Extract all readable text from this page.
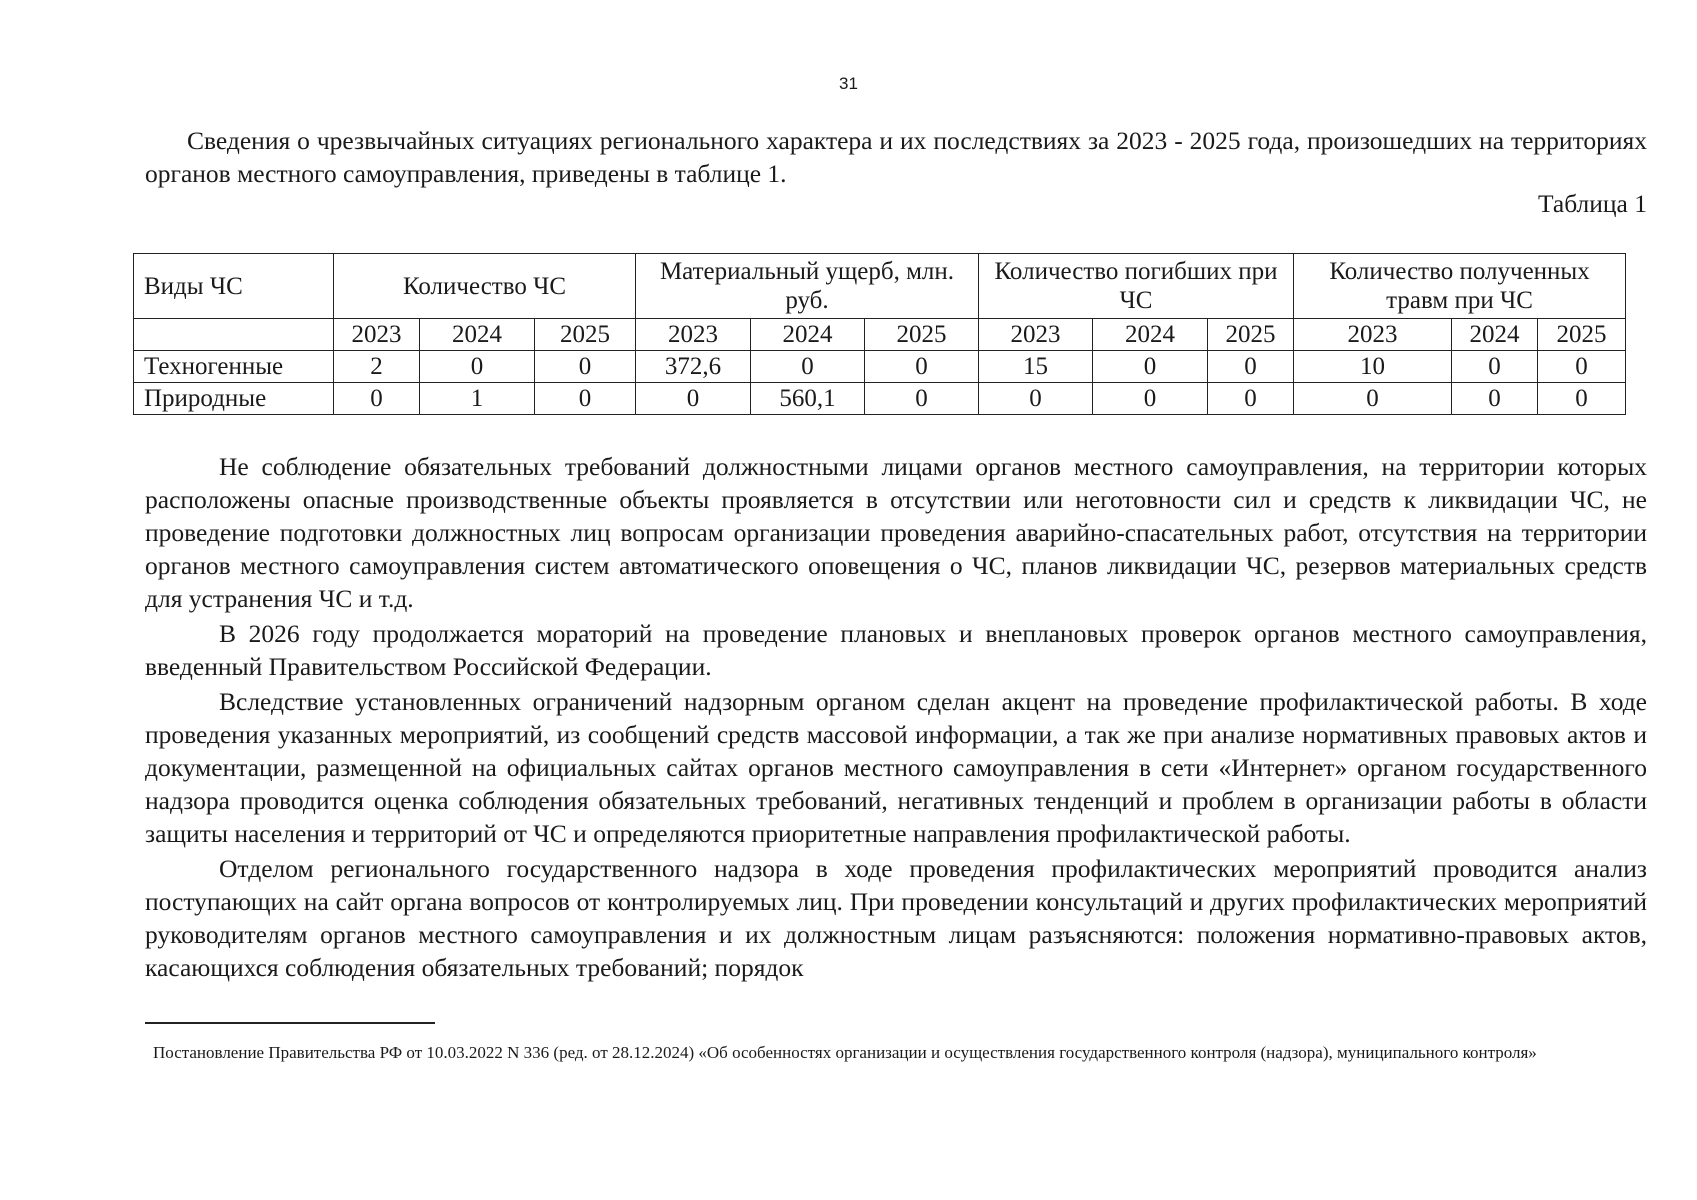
31
Сведения о чрезвычайных ситуациях регионального характера и их последствиях за 2023 - 2025 года, произошедших на территориях органов местного самоуправления, приведены в таблице 1.
Таблица 1
Виды ЧС	Количество ЧС			Материальный ущерб, млн. руб.			Количество погибших при ЧС			Количество полученных травм при ЧС		
	2023	2024	2025	2023	2024	2025	2023	2024	2025	2023	2024	2025
Техногенные	2	0	0	372,6	0	0	15	0	0	10	0	0
Природные	0	1	0	0	560,1	0	0	0	0	0	0	0

Не соблюдение обязательных требований должностными лицами органов местного самоуправления, на территории которых расположены опасные производственные объекты проявляется в отсутствии или неготовности сил и средств к ликвидации ЧС, не проведение подготовки должностных лиц вопросам организации проведения аварийно-спасательных работ, отсутствия на территории органов местного самоуправления систем автоматического оповещения о ЧС, планов ликвидации ЧС, резервов материальных средств для устранения ЧС и т.д.

В 2026 году продолжается мораторий на проведение плановых и внеплановых проверок органов местного самоуправления, введенный Правительством Российской Федерации.

Вследствие установленных ограничений надзорным органом сделан акцент на проведение профилактической работы. В ходе проведения указанных мероприятий, из сообщений средств массовой информации, а так же при анализе нормативных правовых актов и документации, размещенной на официальных сайтах органов местного самоуправления в сети «Интернет» органом государственного надзора проводится оценка соблюдения обязательных требований, негативных тенденций и проблем в организации работы в области защиты населения и территорий от ЧС и определяются приоритетные направления профилактической работы.

Отделом регионального государственного надзора в ходе проведения профилактических мероприятий проводится анализ поступающих на сайт органа вопросов от контролируемых лиц. При проведении консультаций и других профилактических мероприятий руководителям органов местного самоуправления и их должностным лицам разъясняются: положения нормативно-правовых актов, касающихся соблюдения обязательных требований; порядок

Постановление Правительства РФ от 10.03.2022 N 336 (ред. от 28.12.2024) «Об особенностях организации и осуществления государственного контроля (надзора), муниципального контроля»
